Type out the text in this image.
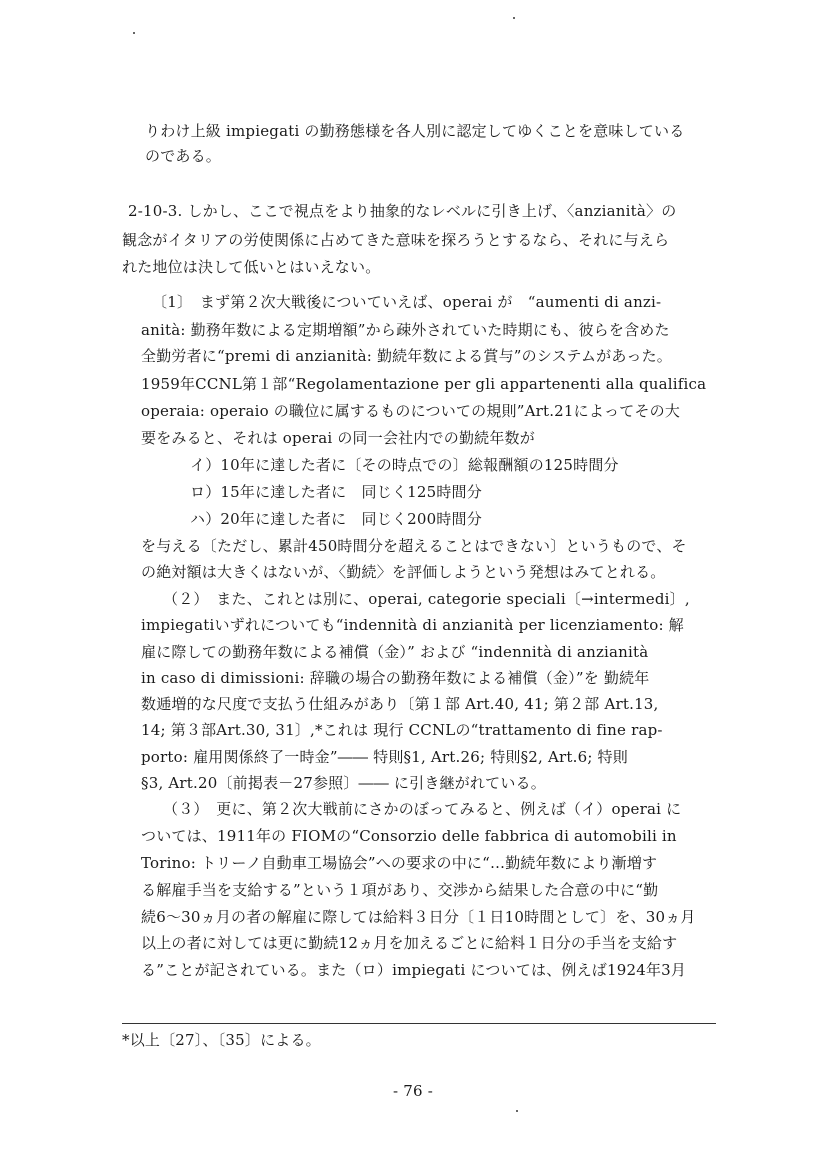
りわけ上級 impiegati の勤務態様を各人別に認定してゆくことを意味している
のである。
2-10-3. しかし、ここで視点をより抽象的なレベルに引き上げ、〈anzianità〉の
観念がイタリアの労使関係に占めてきた意味を探ろうとするなら、それに与えら
れた地位は決して低いとはいえない。
〔1〕　まず第２次大戦後についていえば、operai が　“aumenti di anzi-
anità: 勤務年数による定期増額”から疎外されていた時期にも、彼らを含めた
全勤労者に“premi di anzianità: 勤続年数による賞与”のシステムがあった。
1959年CCNL第１部“Regolamentazione per gli appartenenti alla qualifica
operaia: operaio の職位に属するものについての規則”Art.21によってその大
要をみると、それは operai の同一会社内での勤続年数が
イ）10年に達した者に〔その時点での〕総報酬額の125時間分
ロ）15年に達した者に　同じく125時間分
ハ）20年に達した者に　同じく200時間分
を与える〔ただし、累計450時間分を超えることはできない〕というもので、そ
の絶対額は大きくはないが、〈勤続〉を評価しようという発想はみてとれる。
（２）　また、これとは別に、operai, categorie speciali〔→intermedi〕,
impiegatiいずれについても“indennità di anzianità per licenziamento: 解
雇に際しての勤務年数による補償（金）” および “indennità di anzianità
in caso di dimissioni: 辞職の場合の勤務年数による補償（金）”を 勤続年
数逓増的な尺度で支払う仕組みがあり〔第１部 Art.40, 41; 第２部 Art.13,
14; 第３部Art.30, 31〕,*これは 現行 CCNLの“trattamento di fine rap-
porto: 雇用関係終了一時金”―― 特則§1, Art.26; 特則§2, Art.6; 特則
§3, Art.20〔前掲表－27参照〕―― に引き継がれている。
（３）　更に、第２次大戦前にさかのぼってみると、例えば（イ）operai に
ついては、1911年の FIOMの“Consorzio delle fabbrica di automobili in
Torino: トリーノ自動車工場協会”への要求の中に“…勤続年数により漸増す
る解雇手当を支給する”という１項があり、交渉から結果した合意の中に“勤
続6～30ヵ月の者の解雇に際しては給料３日分〔１日10時間として〕を、30ヵ月
以上の者に対しては更に勤続12ヵ月を加えるごとに給料１日分の手当を支給す
る”ことが記されている。また（ロ）impiegati については、例えば1924年3月
*以上〔27〕、〔35〕による。
- 76 -
